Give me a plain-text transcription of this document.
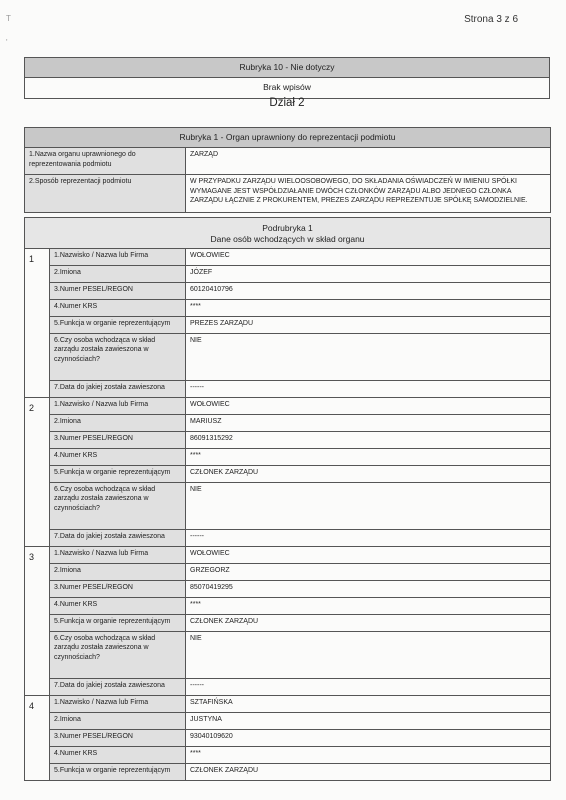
Strona 3 z 6
T
'
Rubryka 10 - Nie dotyczy
Brak wpisów

Dział 2

Rubryka 1 - Organ uprawniony do reprezentacji podmiotu	
1.Nazwa organu uprawnionego do reprezentowania podmiotu	ZARZĄD
2.Sposób reprezentacji podmiotu	W PRZYPADKU ZARZĄDU WIELOOSOBOWEGO, DO SKŁADANIA OŚWIADCZEŃ W IMIENIU SPÓŁKI WYMAGANE JEST WSPÓŁDZIAŁANIE DWÓCH CZŁONKÓW ZARZĄDU ALBO JEDNEGO CZŁONKA ZARZĄDU ŁĄCZNIE Z PROKURENTEM, PREZES ZARZĄDU REPREZENTUJE SPÓŁKĘ SAMODZIELNIE.
Podrubryka 1
Dane osób wchodzących w skład organu		

1	1.Nazwisko / Nazwa lub Firma	WOŁOWIEC
	2.Imiona	JÓZEF
	3.Numer PESEL/REGON	60120410796
	4.Numer KRS	****
	5.Funkcja w organie reprezentującym	PREZES ZARZĄDU
	6.Czy osoba wchodząca w skład zarządu została zawieszona w czynnościach?	NIE
	7.Data do jakiej została zawieszona	------
2	1.Nazwisko / Nazwa lub Firma	WOŁOWIEC
	2.Imiona	MARIUSZ
	3.Numer PESEL/REGON	86091315292
	4.Numer KRS	****
	5.Funkcja w organie reprezentującym	CZŁONEK ZARZĄDU
	6.Czy osoba wchodząca w skład zarządu została zawieszona w czynnościach?	NIE
	7.Data do jakiej została zawieszona	------
3	1.Nazwisko / Nazwa lub Firma	WOŁOWIEC
	2.Imiona	GRZEGORZ
	3.Numer PESEL/REGON	85070419295
	4.Numer KRS	****
	5.Funkcja w organie reprezentującym	CZŁONEK ZARZĄDU
	6.Czy osoba wchodząca w skład zarządu została zawieszona w czynnościach?	NIE
	7.Data do jakiej została zawieszona	------
4	1.Nazwisko / Nazwa lub Firma	SZTAFIŃSKA
	2.Imiona	JUSTYNA
	3.Numer PESEL/REGON	93040109620
	4.Numer KRS	****
	5.Funkcja w organie reprezentującym	CZŁONEK ZARZĄDU
